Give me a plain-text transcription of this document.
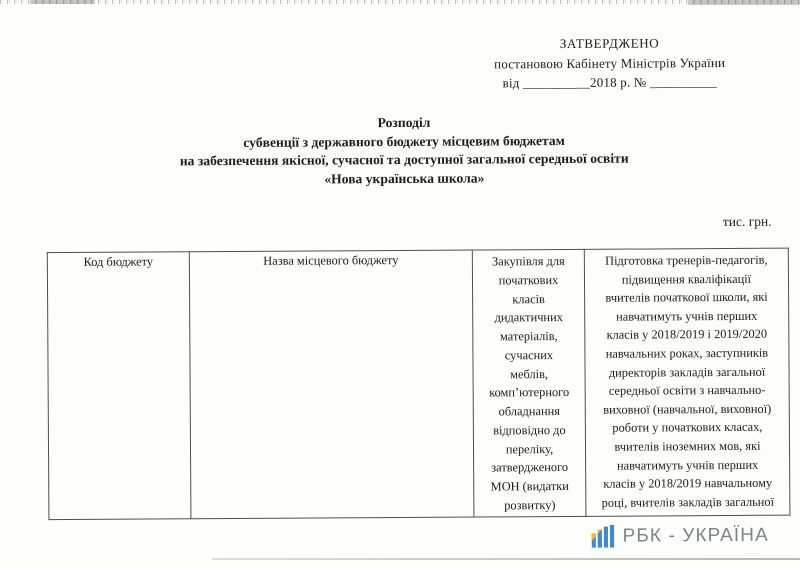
ЗАТВЕРДЖЕНО
постановою Кабінету Міністрів України
від __________2018 р. № __________
Розподіл
субвенції з державного бюджету місцевим бюджетам
на забезпечення якісної, сучасної та доступної загальної середньої освіти
«Нова українська школа»
тис. грн.
Код бюджету	Назва місцевого бюджету	Закупівля для
початкових
класів
дидактичних
матеріалів,
сучасних
меблів,
комп’ютерного
обладнання
відповідно до
переліку,
затвердженого
МОН (видатки
розвитку)	Підготовка тренерів-педагогів,
підвищення кваліфікації
вчителів початкової школи, які
навчатимуть учнів перших
класів у 2018/2019 і 2019/2020
навчальних роках, заступників
директорів закладів загальної
середньої освіти з навчально-
виховної (навчальної, виховної)
роботи у початкових класах,
вчителів іноземних мов, які
навчатимуть учнів перших
класів у 2018/2019 навчальному
році, вчителів закладів загальної
РБК - УКРАЇНА
